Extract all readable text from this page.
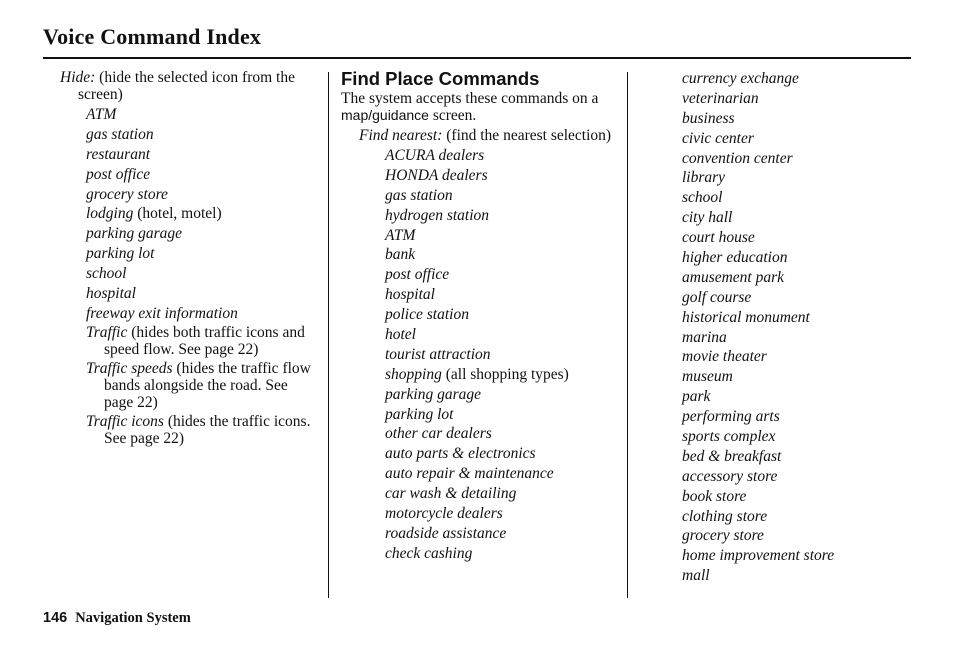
Voice Command Index
Hide: (hide the selected icon from the screen)
ATM
gas station
restaurant
post office
grocery store
lodging (hotel, motel)
parking garage
parking lot
school
hospital
freeway exit information
Traffic (hides both traffic icons and speed flow. See page 22)
Traffic speeds (hides the traffic flow bands alongside the road. See page 22)
Traffic icons (hides the traffic icons. See page 22)
Find Place Commands
The system accepts these commands on a map/guidance screen.
Find nearest: (find the nearest selection)
ACURA dealers
HONDA dealers
gas station
hydrogen station
ATM
bank
post office
hospital
police station
hotel
tourist attraction
shopping (all shopping types)
parking garage
parking lot
other car dealers
auto parts & electronics
auto repair & maintenance
car wash & detailing
motorcycle dealers
roadside assistance
check cashing
currency exchange
veterinarian
business
civic center
convention center
library
school
city hall
court house
higher education
amusement park
golf course
historical monument
marina
movie theater
museum
park
performing arts
sports complex
bed & breakfast
accessory store
book store
clothing store
grocery store
home improvement store
mall
146 Navigation System
